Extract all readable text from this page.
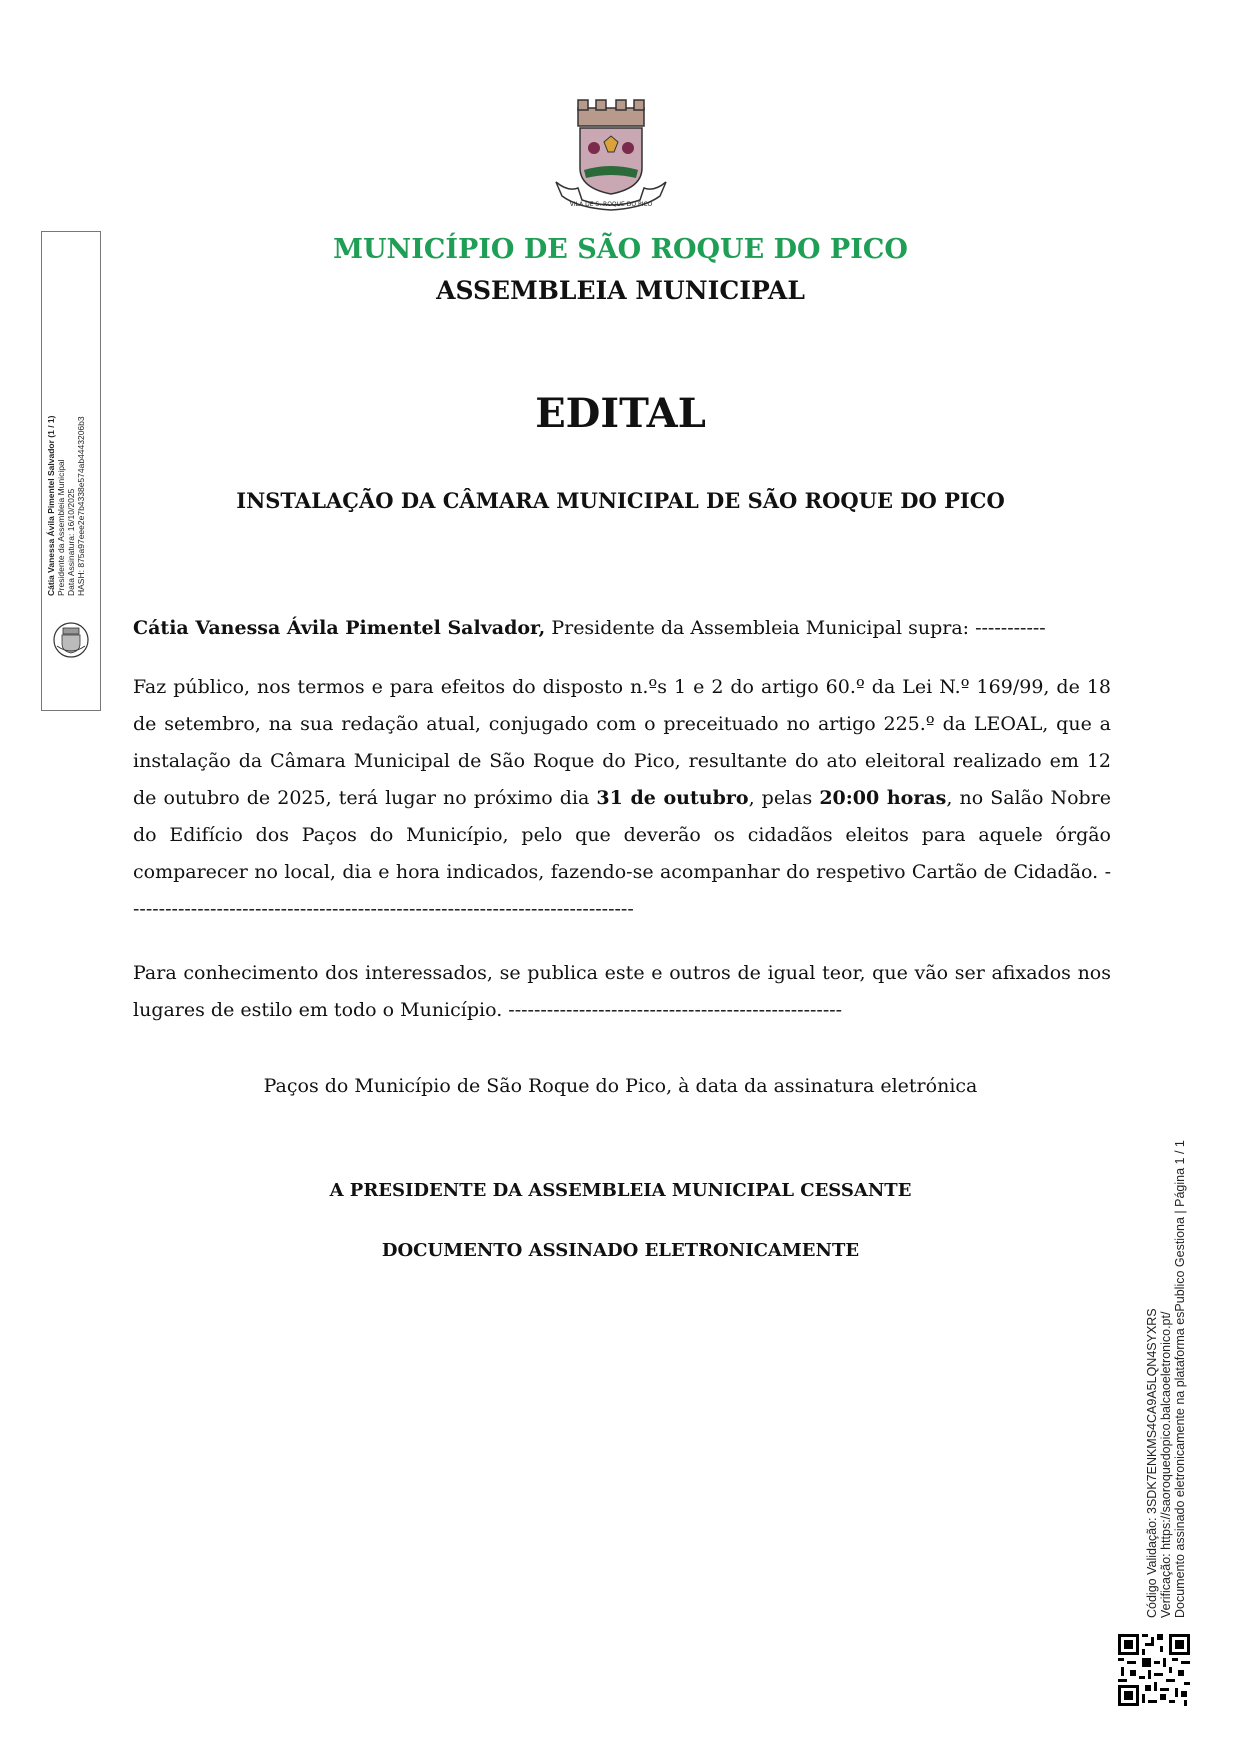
VILA DE S. ROQUE DO PICO
MUNICÍPIO DE SÃO ROQUE DO PICO
ASSEMBLEIA MUNICIPAL
EDITAL
INSTALAÇÃO DA CÂMARA MUNICIPAL DE SÃO ROQUE DO PICO
Cátia Vanessa Ávila Pimentel Salvador, Presidente da Assembleia Municipal supra: -----------
Faz público, nos termos e para efeitos do disposto n.ºs 1 e 2 do artigo 60.º da Lei N.º 169/99, de 18 de setembro, na sua redação atual, conjugado com o preceituado no artigo 225.º da LEOAL, que a instalação da Câmara Municipal de São Roque do Pico, resultante do ato eleitoral realizado em 12 de outubro de 2025, terá lugar no próximo dia 31 de outubro, pelas 20:00 horas, no Salão Nobre do Edifício dos Paços do Município, pelo que deverão os cidadãos eleitos para aquele órgão comparecer no local, dia e hora indicados, fazendo-se acompanhar do respetivo Cartão de Cidadão. -------------------------------------------------------------------------------
Para conhecimento dos interessados, se publica este e outros de igual teor, que vão ser afixados nos lugares de estilo em todo o Município. ----------------------------------------------------
Paços do Município de São Roque do Pico, à data da assinatura eletrónica
A PRESIDENTE DA ASSEMBLEIA MUNICIPAL CESSANTE
DOCUMENTO ASSINADO ELETRONICAMENTE
Cátia Vanessa Ávila Pimentel Salvador (1 / 1) Presidente da Assembleia Municipal Data Assinatura: 16/10/2025 HASH: 875a97eee2e7b4338e574ab4443206b3
Código Validação: 3SDK7ENKMS4CA9A5LQN4SYXRS Verificação: https://saoroquedopico.balcaoeletronico.pt/ Documento assinado eletronicamente na plataforma esPublico Gestiona | Página 1 / 1
